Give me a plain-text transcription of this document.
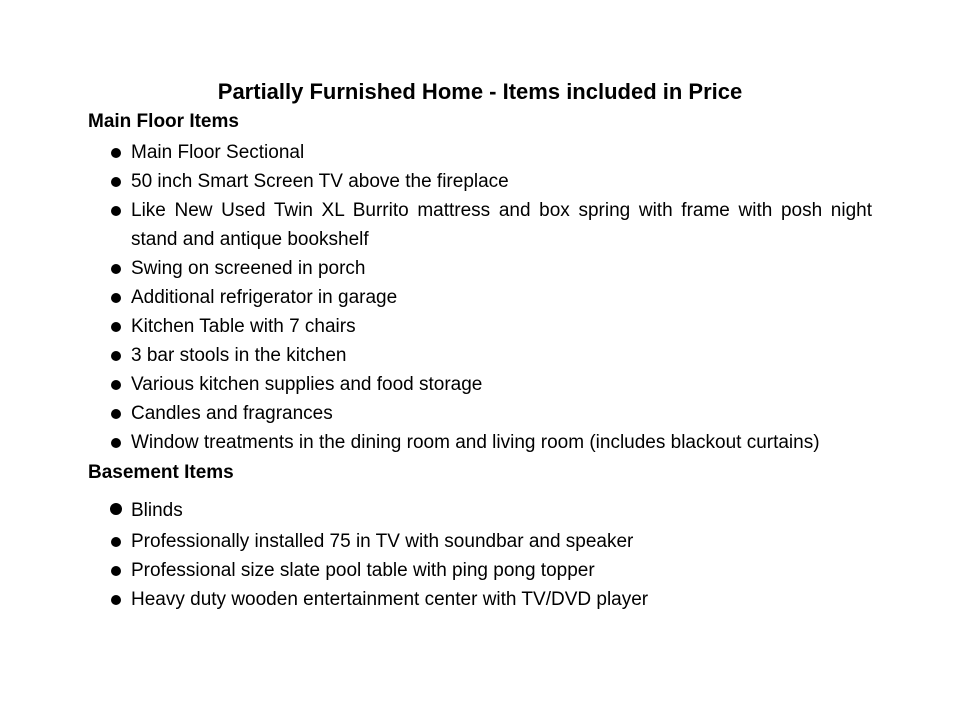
Partially Furnished Home - Items included in Price
Main Floor Items
Main Floor Sectional
50 inch Smart Screen TV above the fireplace
Like New Used Twin XL Burrito mattress and box spring with frame with posh night stand and antique bookshelf
Swing on screened in porch
Additional refrigerator in garage
Kitchen Table with 7 chairs
3 bar stools in the kitchen
Various kitchen supplies and food storage
Candles and fragrances
Window treatments in the dining room and living room (includes blackout curtains)
Basement Items
Blinds
Professionally installed 75 in TV with soundbar and speaker
Professional size slate pool table with ping pong topper
Heavy duty wooden entertainment center with TV/DVD player
